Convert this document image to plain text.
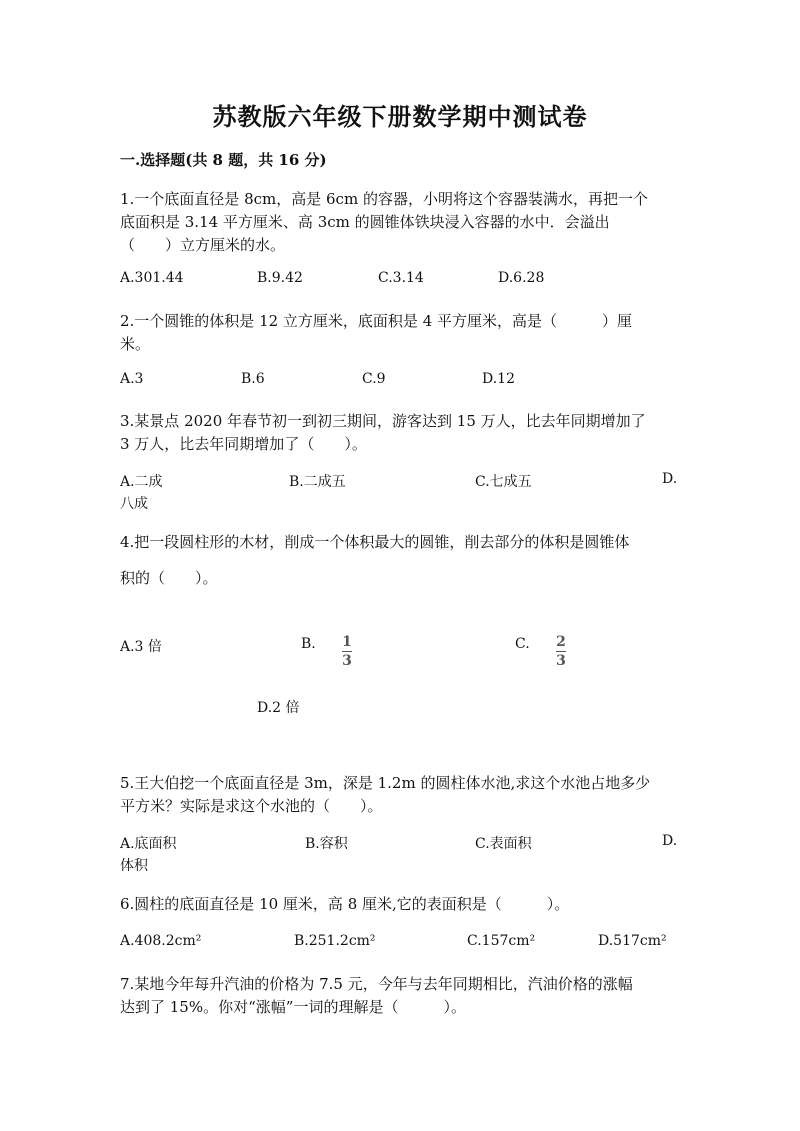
苏教版六年级下册数学期中测试卷
一.选择题(共 8 题，共 16 分)
1.一个底面直径是 8cm，高是 6cm 的容器，小明将这个容器装满水，再把一个
底面积是 3.14 平方厘米、高 3cm 的圆锥体铁块浸入容器的水中．会溢出
（　　）立方厘米的水。
A.301.44	B.9.42	C.3.14	D.6.28
2.一个圆锥的体积是 12 立方厘米，底面积是 4 平方厘米，高是（　　　）厘
米。
A.3	B.6	C.9	D.12
3.某景点 2020 年春节初一到初三期间，游客达到 15 万人，比去年同期增加了
3 万人，比去年同期增加了（　　）。
A.二成	B.二成五	C.七成五	D.
八成
4.把一段圆柱形的木材，削成一个体积最大的圆锥，削去部分的体积是圆锥体
积的（　　）。
A.3 倍	B. $\frac{1}{3}$	C. $\frac{2}{3}$
D.2 倍
5.王大伯挖一个底面直径是 3m，深是 1.2m 的圆柱体水池,求这个水池占地多少
平方米？实际是求这个水池的（　　）。
A.底面积	B.容积	C.表面积	D.
体积
6.圆柱的底面直径是 10 厘米，高 8 厘米,它的表面积是（　　　）。
A.408.2cm²	B.251.2cm²	C.157cm²	D.517cm²
7.某地今年每升汽油的价格为 7.5 元，今年与去年同期相比，汽油价格的涨幅
达到了 15%。你对“涨幅”一词的理解是（　　　）。
